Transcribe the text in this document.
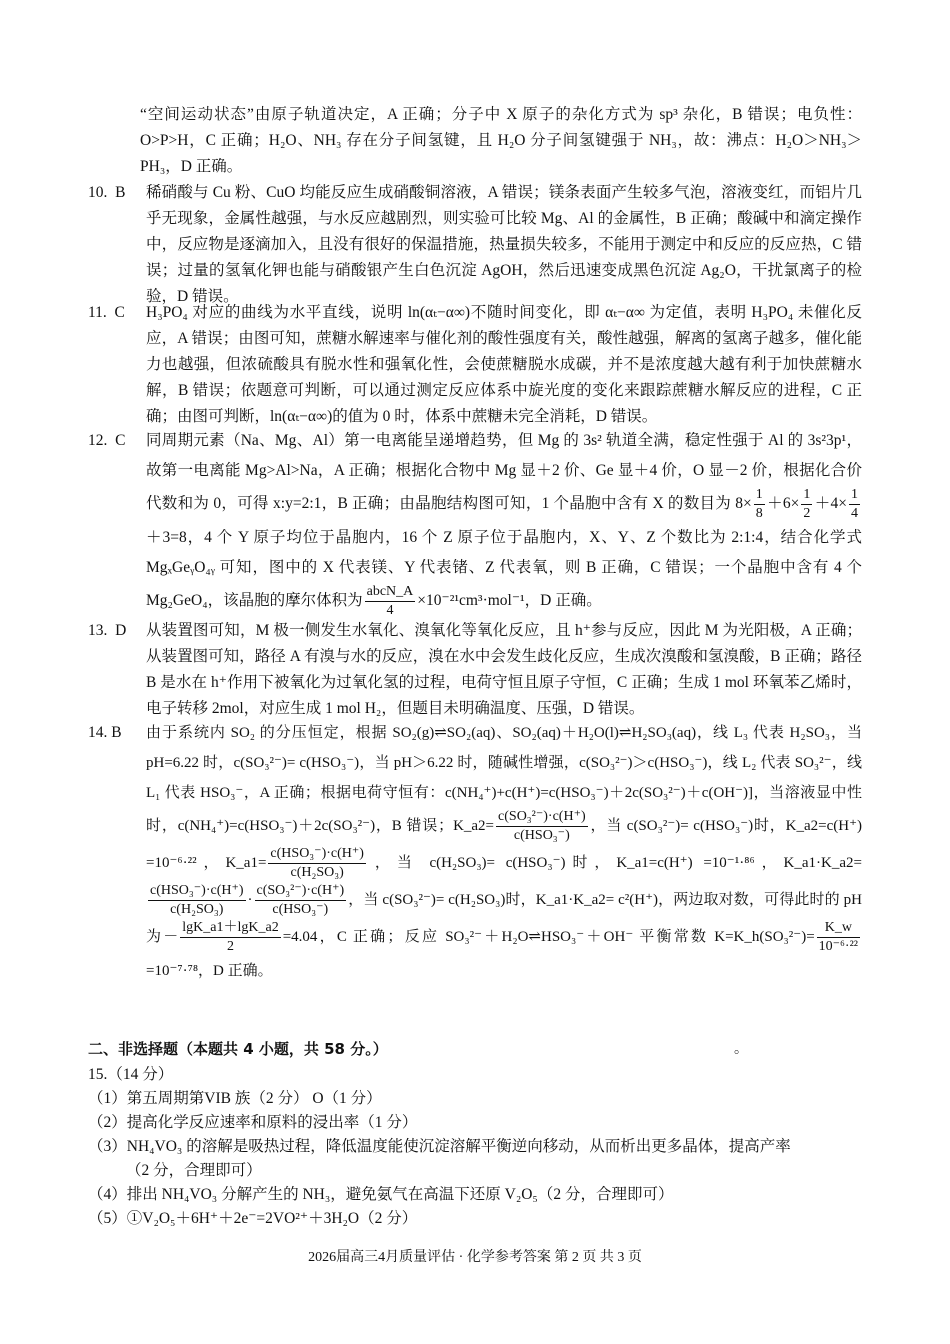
“空间运动状态”由原子轨道决定，A 正确；分子中 X 原子的杂化方式为 sp³ 杂化，B 错误；电负性：O>P>H，C 正确；H₂O、NH₃ 存在分子间氢键，且 H₂O 分子间氢键强于 NH₃，故：沸点：H₂O＞NH₃＞PH₃，D 正确。
10.  B	稀硝酸与 Cu 粉、CuO 均能反应生成硝酸铜溶液，A 错误；镁条表面产生较多气泡，溶液变红，而铝片几乎无现象，金属性越强，与水反应越剧烈，则实验可比较 Mg、Al 的金属性，B 正确；酸碱中和滴定操作中，反应物是逐滴加入，且没有很好的保温措施，热量损失较多，不能用于测定中和反应的反应热，C 错误；过量的氢氧化钾也能与硝酸银产生白色沉淀 AgOH，然后迅速变成黑色沉淀 Ag₂O，干扰氯离子的检验，D 错误。
11.  C	H₃PO₄ 对应的曲线为水平直线，说明 ln(αₜ−α∞)不随时间变化，即 αₜ−α∞ 为定值，表明 H₃PO₄ 未催化反应，A 错误；由图可知，蔗糖水解速率与催化剂的酸性强度有关，酸性越强，解离的氢离子越多，催化能力也越强，但浓硫酸具有脱水性和强氧化性，会使蔗糖脱水成碳，并不是浓度越大越有利于加快蔗糖水解，B 错误；依题意可判断，可以通过测定反应体系中旋光度的变化来跟踪蔗糖水解反应的进程，C 正确；由图可判断，ln(αₜ−α∞)的值为 0 时，体系中蔗糖未完全消耗，D 错误。
12.  C	同周期元素（Na、Mg、Al）第一电离能呈递增趋势，但 Mg 的 3s² 轨道全满，稳定性强于 Al 的 3s²3p¹，故第一电离能 Mg>Al>Na，A 正确；根据化合物中 Mg 显＋2 价、Ge 显＋4 价，O 显－2 价，根据化合价代数和为 0，可得 x:y=2:1，B 正确；由晶胞结构图可知，1 个晶胞中含有 X 的数目为 $8\times \frac{1}{8} +6\times \frac{1}{2} +4\times \frac{1}{4}$
＋3=8，4 个 Y 原子均位于晶胞内，16 个 Z 原子位于晶胞内，X、Y、Z 个数比为 2:1:4，结合化学式 MgₓGeᵧO₄ᵧ 可知，图中的 X 代表镁、Y 代表锗、Z 代表氧，则 B 正确，C 错误；一个晶胞中含有 4 个 Mg₂GeO₄，该晶胞的摩尔体积为 $\frac{\text{abcN\_A}}{4} \times 10^{-21}cm^3\cdot mol^{-1}$，D 正确。
13.  D	从装置图可知，M 极一侧发生水氧化、溴氧化等氧化反应，且 h⁺参与反应，因此 M 为光阳极，A 正确；从装置图可知，路径 A 有溴与水的反应，溴在水中会发生歧化反应，生成次溴酸和氢溴酸，B 正确；路径 B 是水在 h⁺作用下被氧化为过氧化氢的过程，电荷守恒且原子守恒，C 正确；生成 1 mol 环氧苯乙烯时，电子转移 2mol，对应生成 1 mol H₂，但题目未明确温度、压强，D 错误。
14. B	由于系统内 SO₂ 的分压恒定，根据 SO₂(g)⇌SO₂(aq)、SO₂(aq)＋H₂O(l)⇌H₂SO₃(aq)，线 L₃ 代表 H₂SO₃，当 pH=6.22 时，c(SO₃²⁻)= c(HSO₃⁻)，当 pH＞6.22 时，随碱性增强，c(SO₃²⁻)＞c(HSO₃⁻)，线 L₂ 代表 SO₃²⁻，线 L₁ 代表 HSO₃⁻，A 正确；根据电荷守恒有：c(NH₄⁺)+c(H⁺)=c(HSO₃⁻)＋2c(SO₃²⁻)＋c(OH⁻)]，当溶液显中性时，c(NH₄⁺)=c(HSO₃⁻)＋2c(SO₃²⁻)，B 错误；K_a2= $\frac{\text{c(SO₃²⁻)·c(H⁺)}}{\text{c(HSO₃⁻)}}$ ，当 c(SO₃²⁻)= c(HSO₃⁻)时，K_a2=c(H⁺) =10⁻⁶·²²，K_a1= $\frac{\text{c(HSO₃⁻)·c(H⁺)}}{\text{c(H₂SO₃)}}$ ，当 c(H₂SO₃)= c(HSO₃⁻)时，K_a1=c(H⁺) =10⁻¹·⁸⁶，K_a1·K_a2=
$\frac{\text{c(HSO₃⁻)·c(H⁺)}}{\text{c(H₂SO₃)}} \cdot \frac{\text{c(SO₃²⁻)·c(H⁺)}}{\text{c(HSO₃⁻)}}$ ，当 c(SO₃²⁻)= c(H₂SO₃)时，K_a1·K_a2= c²(H⁺)，两边取对数，可得此时的 pH 为－ $\frac{\lg K\_a1+\lg K\_a2}{2} =4.04$，C 正确；反应 SO₃²⁻＋H₂O⇌HSO₃⁻＋OH⁻ 平衡常数 K=K_h(SO₃²⁻)= $\frac{K\_w}{\text{10⁻⁶·²²}}$
=10⁻⁷·⁷⁸，D 正确。
二、非选择题（本题共 4 小题，共 58 分。）	。
15.（14 分）
（1）第五周期第VIB 族（2 分） O（1 分）
（2）提高化学反应速率和原料的浸出率（1 分）
（3）NH₄VO₃ 的溶解是吸热过程，降低温度能使沉淀溶解平衡逆向移动，从而析出更多晶体，提高产率
（2 分，合理即可）
（4）排出 NH₄VO₃ 分解产生的 NH₃，避免氨气在高温下还原 V₂O₅（2 分，合理即可）
（5）①V₂O₅＋6H⁺＋2e⁻=2VO²⁺＋3H₂O（2 分）
2026届高三4月质量评估 · 化学参考答案 第 2 页 共 3 页
